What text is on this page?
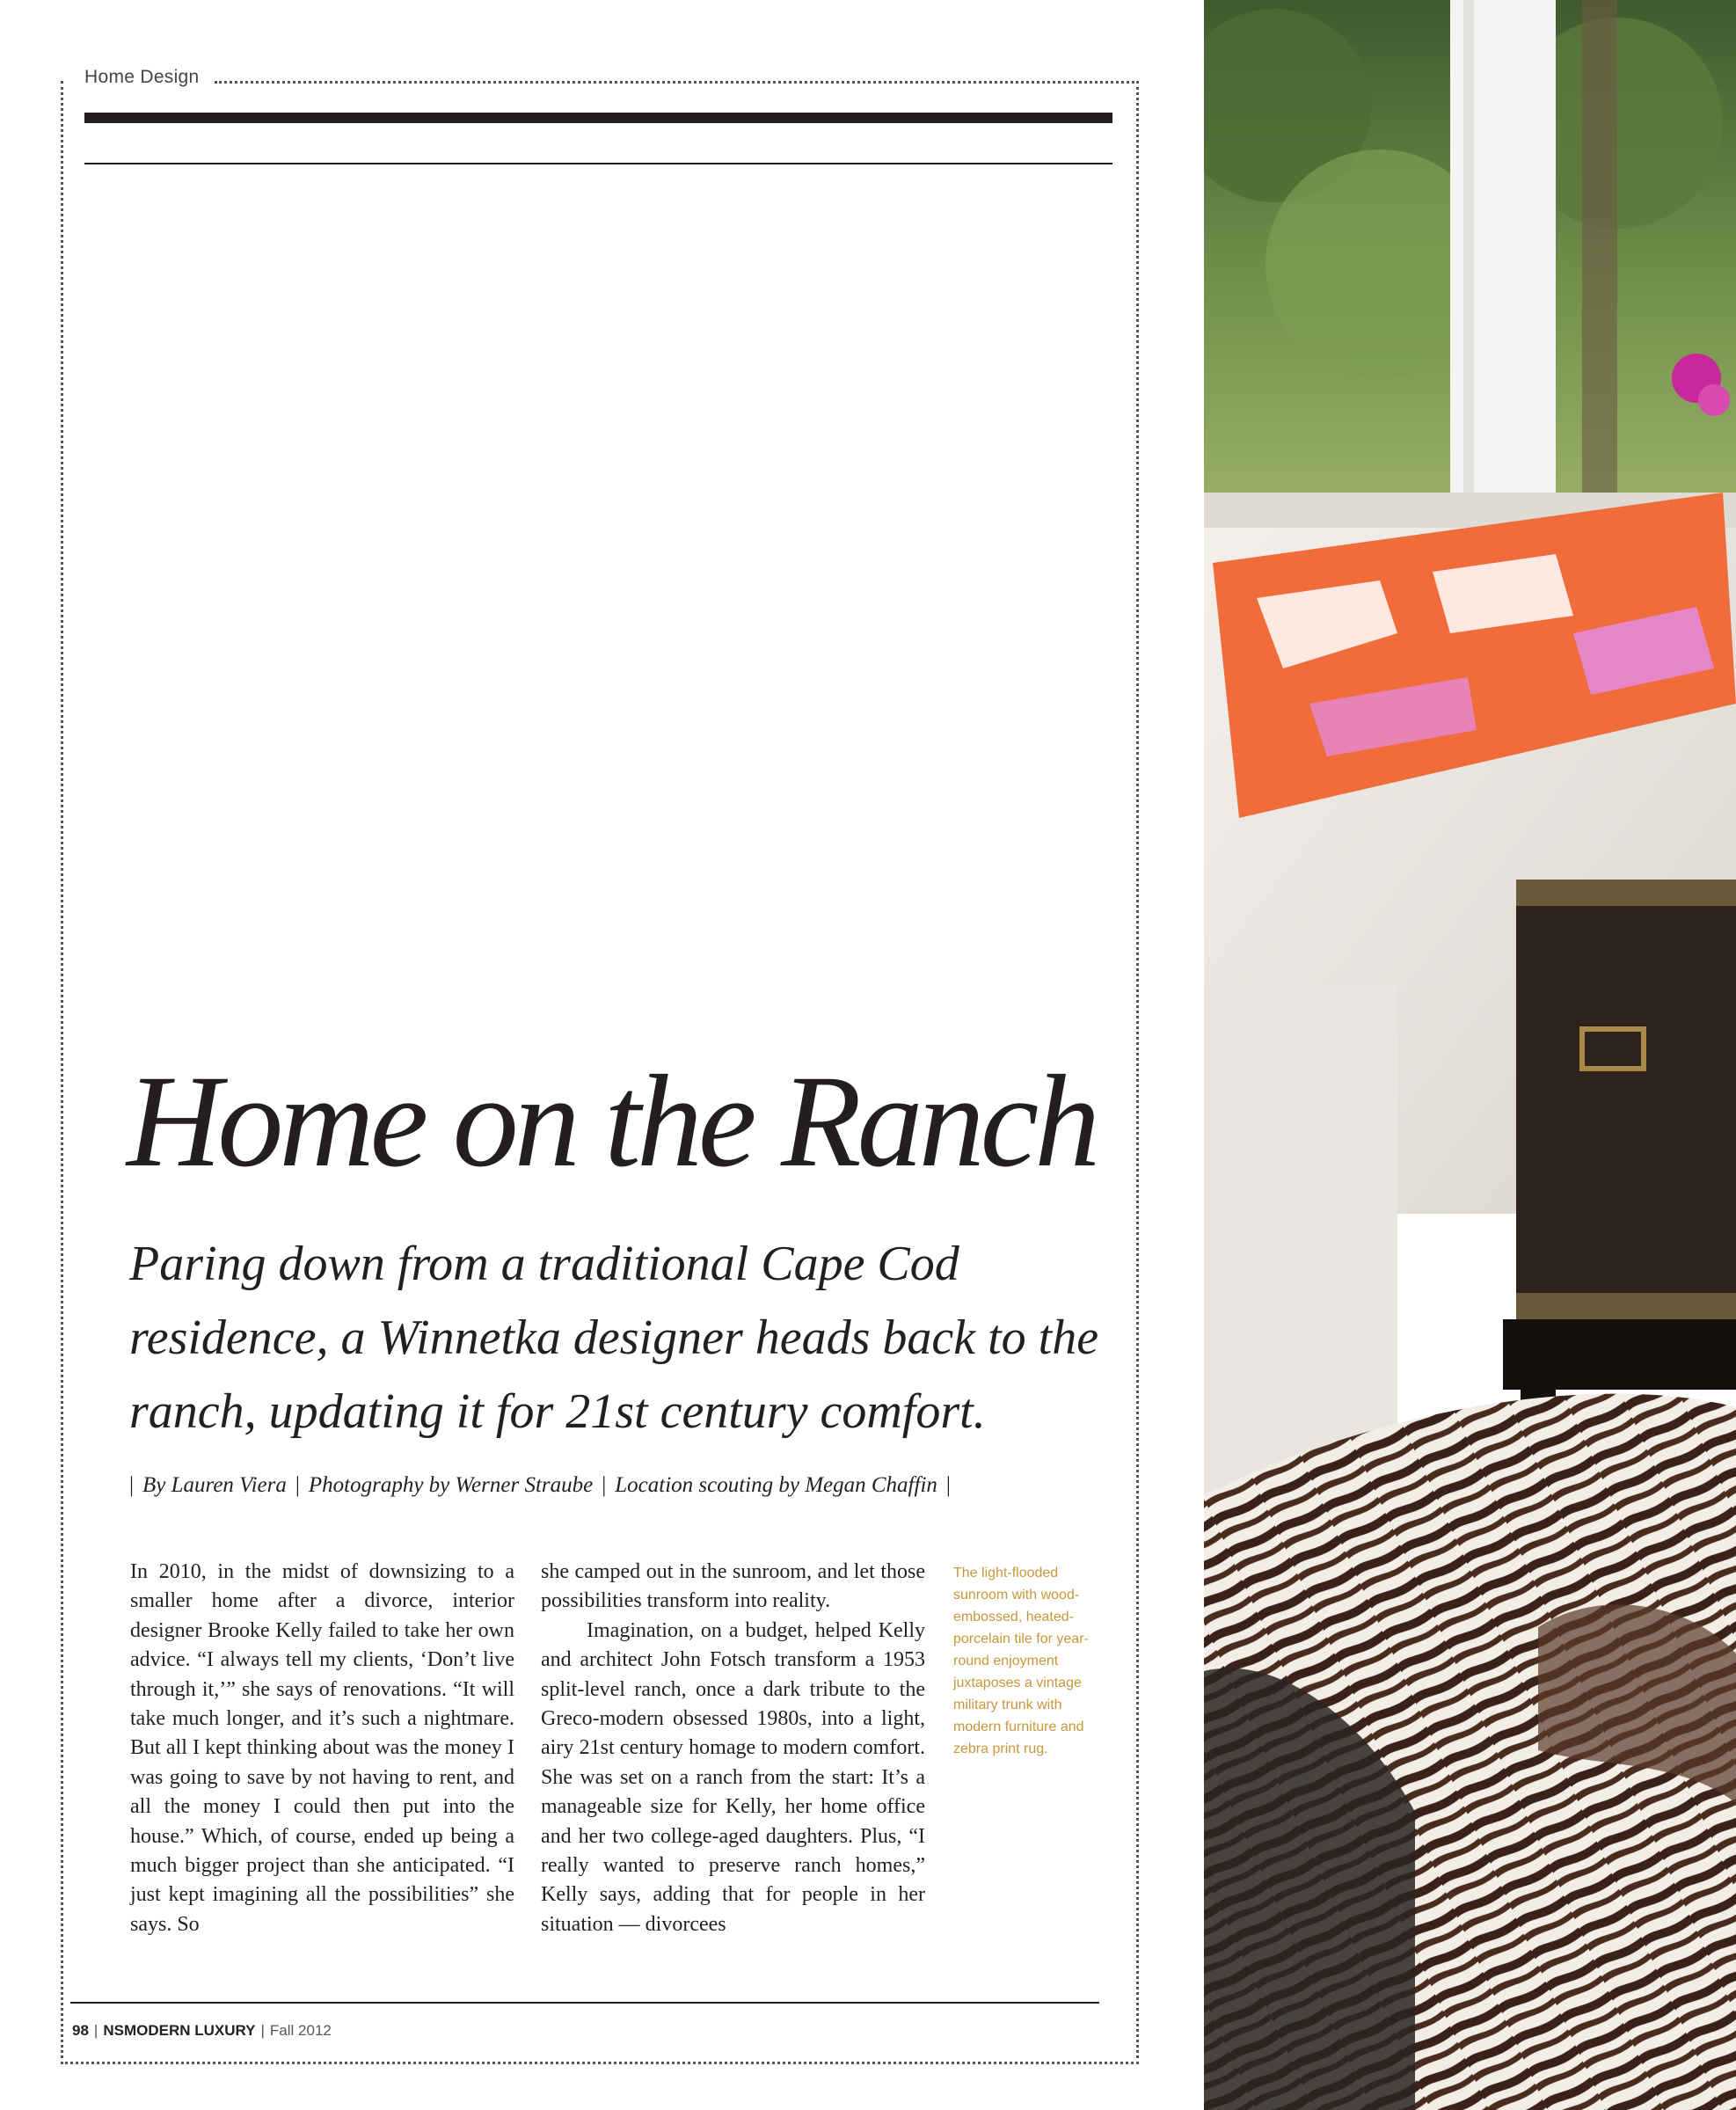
Home Design
Home on the Ranch

Paring down from a traditional Cape Cod residence, a Winnetka designer heads back to the ranch, updating it for 21st century comfort.

| By Lauren Viera | Photography by Werner Straube | Location scouting by Megan Chaffin |

In 2010, in the midst of downsizing to a smaller home after a divorce, interior designer Brooke Kelly failed to take her own advice. “I always tell my clients, ‘Don’t live through it,’” she says of renovations. “It will take much longer, and it’s such a nightmare. But all I kept thinking about was the money I was going to save by not having to rent, and all the money I could then put into the house.” Which, of course, ended up being a much bigger project than she anticipated. “I just kept imagining all the possibilities” she says. So

she camped out in the sunroom, and let those possibilities transform into reality.

Imagination, on a budget, helped Kelly and architect John Fotsch transform a 1953 split-level ranch, once a dark tribute to the Greco-modern obsessed 1980s, into a light, airy 21st century homage to modern comfort. She was set on a ranch from the start: It’s a manageable size for Kelly, her home office and her two college-aged daughters. Plus, “I really wanted to preserve ranch homes,” Kelly says, adding that for people in her situation — divorcees

The light-flooded sunroom with wood-embossed, heated-porcelain tile for year-round enjoyment juxtaposes a vintage military trunk with modern furniture and zebra print rug.

98 | NSMODERN LUXURY | Fall 2012
